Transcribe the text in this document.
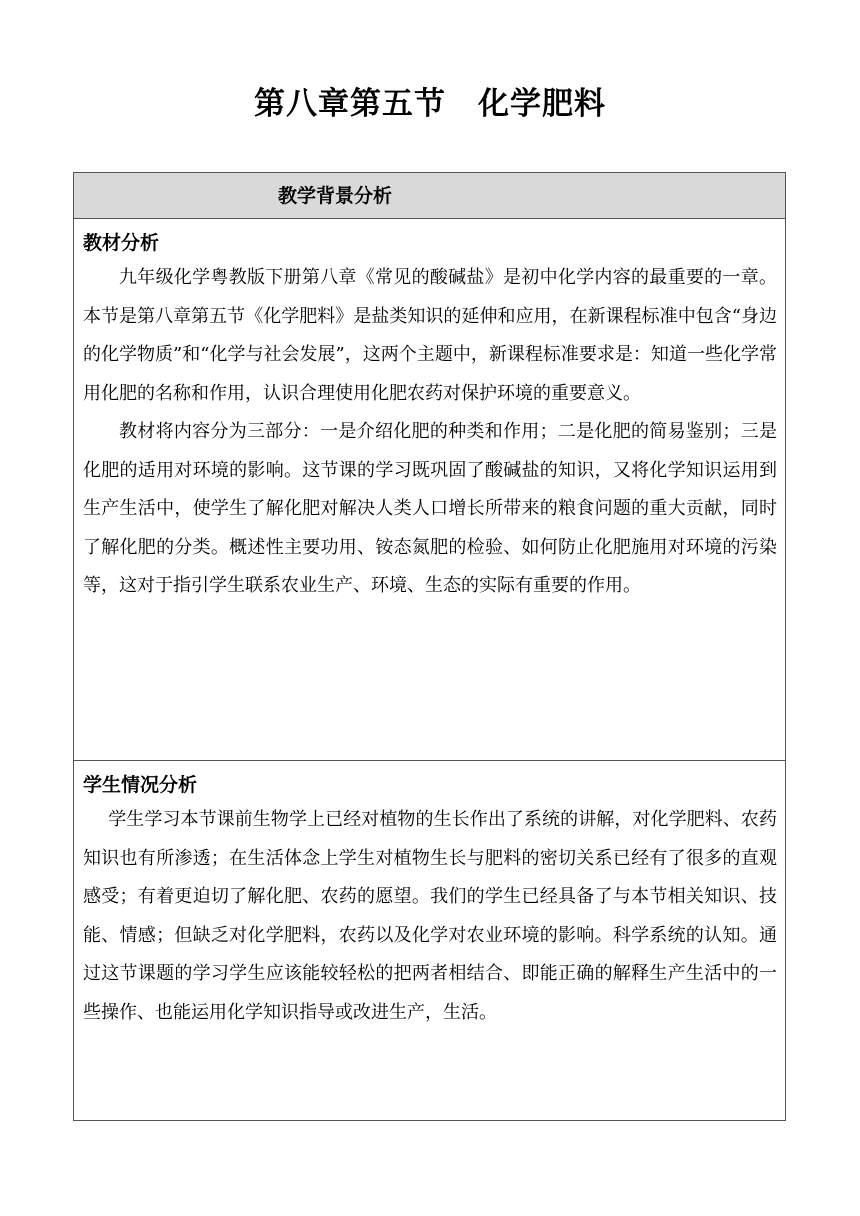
第八章第五节　化学肥料
教学背景分析
教材分析

九年级化学粤教版下册第八章《常见的酸碱盐》是初中化学内容的最重要的一章。本节是第八章第五节《化学肥料》是盐类知识的延伸和应用，在新课程标准中包含“身边的化学物质”和“化学与社会发展”，这两个主题中，新课程标准要求是：知道一些化学常用化肥的名称和作用，认识合理使用化肥农药对保护环境的重要意义。

教材将内容分为三部分：一是介绍化肥的种类和作用；二是化肥的简易鉴别；三是化肥的适用对环境的影响。这节课的学习既巩固了酸碱盐的知识，又将化学知识运用到生产生活中，使学生了解化肥对解决人类人口增长所带来的粮食问题的重大贡献，同时了解化肥的分类。概述性主要功用、铵态氮肥的检验、如何防止化肥施用对环境的污染等，这对于指引学生联系农业生产、环境、生态的实际有重要的作用。

学生情况分析

学生学习本节课前生物学上已经对植物的生长作出了系统的讲解，对化学肥料、农药知识也有所渗透；在生活体念上学生对植物生长与肥料的密切关系已经有了很多的直观感受；有着更迫切了解化肥、农药的愿望。我们的学生已经具备了与本节相关知识、技能、情感；但缺乏对化学肥料，农药以及化学对农业环境的影响。科学系统的认知。通过这节课题的学习学生应该能较轻松的把两者相结合、即能正确的解释生产生活中的一些操作、也能运用化学知识指导或改进生产，生活。
